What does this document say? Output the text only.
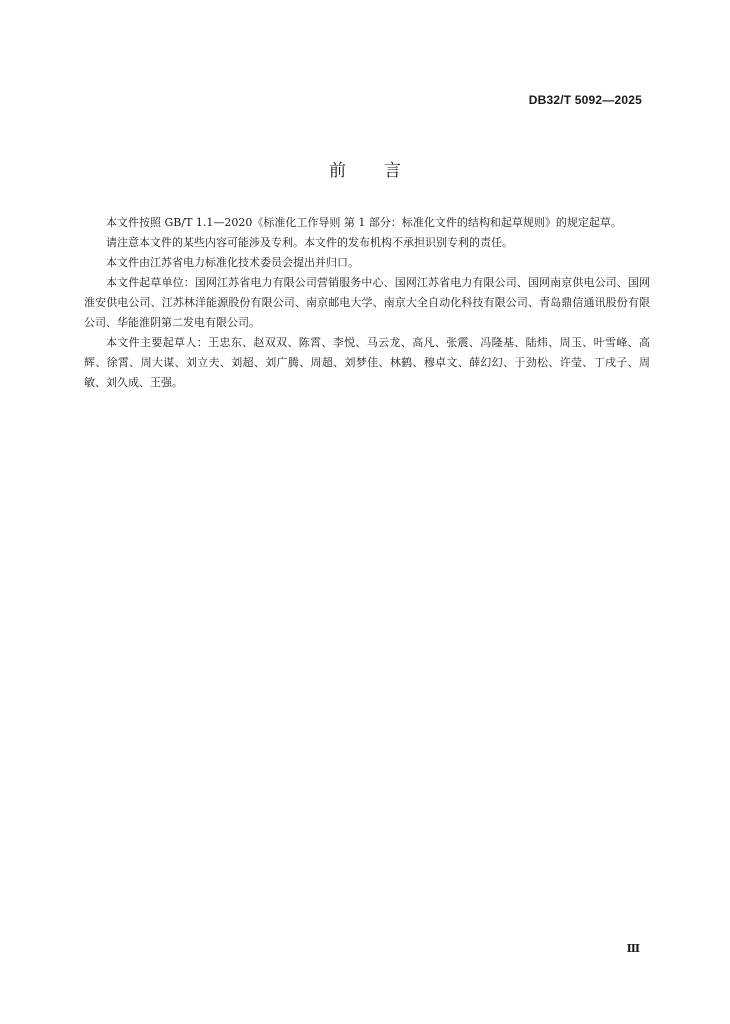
DB32/T 5092—2025
前言

本文件按照 GB/T 1.1—2020《标准化工作导则 第 1 部分：标准化文件的结构和起草规则》的规定起草。

请注意本文件的某些内容可能涉及专利。本文件的发布机构不承担识别专利的责任。

本文件由江苏省电力标准化技术委员会提出并归口。

本文件起草单位：国网江苏省电力有限公司营销服务中心、国网江苏省电力有限公司、国网南京供电公司、国网淮安供电公司、江苏林洋能源股份有限公司、南京邮电大学、南京大全自动化科技有限公司、青岛鼎信通讯股份有限公司、华能淮阴第二发电有限公司。

本文件主要起草人：王忠东、赵双双、陈霄、李悦、马云龙、高凡、张震、冯隆基、陆炜、周玉、叶雪峰、高辉、徐霄、周大谋、刘立夫、刘超、刘广腾、周超、刘梦佳、林鹤、穆卓文、薛幻幻、于劲松、许莹、丁戌子、周敏、刘久成、王强。

Ⅲ
